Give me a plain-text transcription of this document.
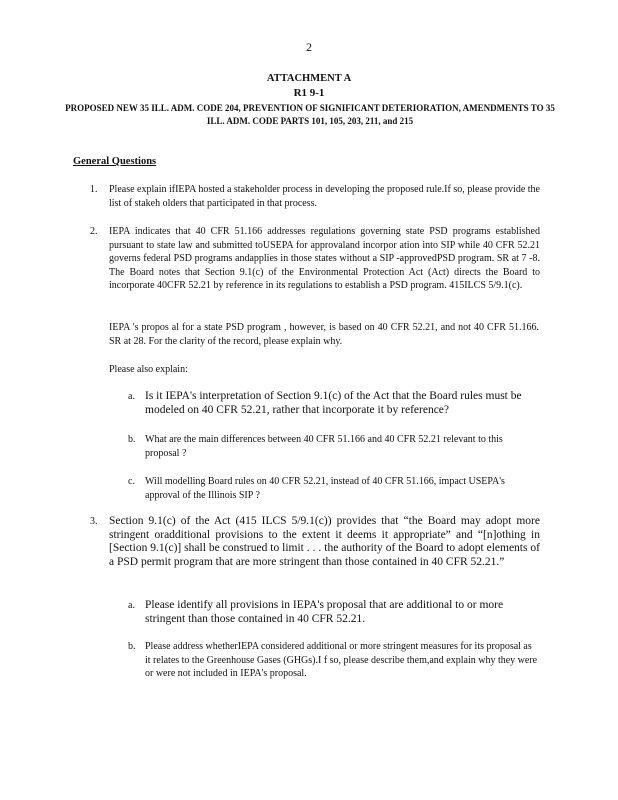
2
ATTACHMENT A
R1 9-1
PROPOSED NEW 35 ILL. ADM. CODE 204, PREVENTION OF SIGNIFICANT DETERIORATION, AMENDMENTS TO 35 ILL. ADM. CODE PARTS 101, 105, 203, 211, and 215
General Questions
1.	Please explain ifIEPA hosted a stakeholder process in developing the proposed rule.If so, please provide the list of stakeh olders that participated in that process.
2.	IEPA indicates that 40 CFR 51.166 addresses regulations governing state PSD programs established pursuant to state law and submitted toUSEPA for approvaland incorpor ation into SIP while 40 CFR 52.21 governs federal PSD programs andapplies in those states without a SIP -approvedPSD program. SR at 7 -8. The Board notes that Section 9.1(c) of the Environmental Protection Act (Act) directs the Board to incorporate 40CFR 52.21 by reference in its regulations to establish a PSD program. 415ILCS 5/9.1(c).
IEPA 's propos al for a state PSD program , however, is based on 40 CFR 52.21, and not 40 CFR 51.166. SR at 28. For the clarity of the record, please explain why.
Please also explain:
a. Is it IEPA's interpretation of Section 9.1(c) of the Act that the Board rules must be modeled on 40 CFR 52.21, rather that incorporate it by reference?
b. What are the main differences between 40 CFR 51.166 and 40 CFR 52.21 relevant to this proposal ?
c.	Will modelling Board rules on 40 CFR 52.21, instead of 40 CFR 51.166, impact USEPA's approval of the Illinois SIP ?
3.	Section 9.1(c) of the Act (415 ILCS 5/9.1(c)) provides that “the Board may adopt more stringent oradditional provisions to the extent it deems it appropriate” and “[n]othing in [Section 9.1(c)] shall be construed to limit . . . the authority of the Board to adopt elements of a PSD permit program that are more stringent than those contained in 40 CFR 52.21.”
a. Please identify all provisions in IEPA's proposal that are additional to or more stringent than those contained in 40 CFR 52.21.
b. Please address whetherIEPA considered additional or more stringent measures for its proposal as it relates to the Greenhouse Gases (GHGs).I f so, please describe them,and explain why they were or were not included in IEPA's proposal.
